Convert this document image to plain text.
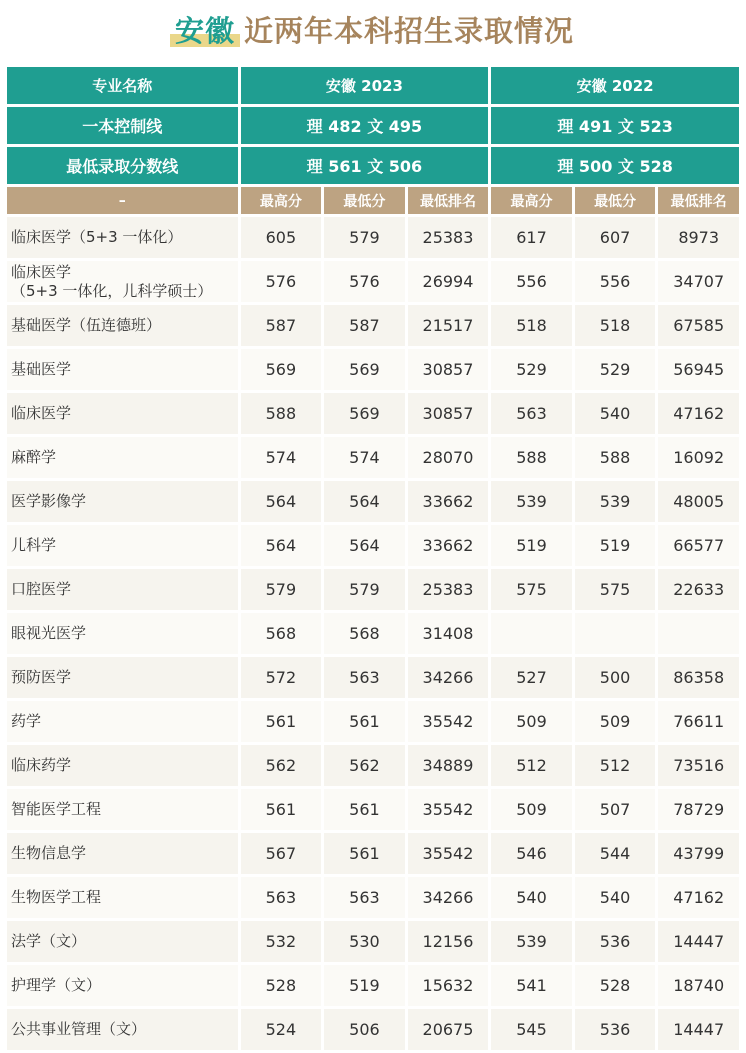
安徽 近两年本科招生录取情况
专业名称	安徽 2023			安徽 2022		
一本控制线	理 482 文 495			理 491 文 523		
最低录取分数线	理 561 文 506			理 500 文 528		
–	最高分	最低分	最低排名	最高分	最低分	最低排名
临床医学（5+3 一体化）	605	579	25383	617	607	8973
临床医学
（5+3 一体化，儿科学硕士）	576	576	26994	556	556	34707
基础医学（伍连德班）	587	587	21517	518	518	67585
基础医学	569	569	30857	529	529	56945
临床医学	588	569	30857	563	540	47162
麻醉学	574	574	28070	588	588	16092
医学影像学	564	564	33662	539	539	48005
儿科学	564	564	33662	519	519	66577
口腔医学	579	579	25383	575	575	22633
眼视光医学	568	568	31408			
预防医学	572	563	34266	527	500	86358
药学	561	561	35542	509	509	76611
临床药学	562	562	34889	512	512	73516
智能医学工程	561	561	35542	509	507	78729
生物信息学	567	561	35542	546	544	43799
生物医学工程	563	563	34266	540	540	47162
法学（文）	532	530	12156	539	536	14447
护理学（文）	528	519	15632	541	528	18740
公共事业管理（文）	524	506	20675	545	536	14447
